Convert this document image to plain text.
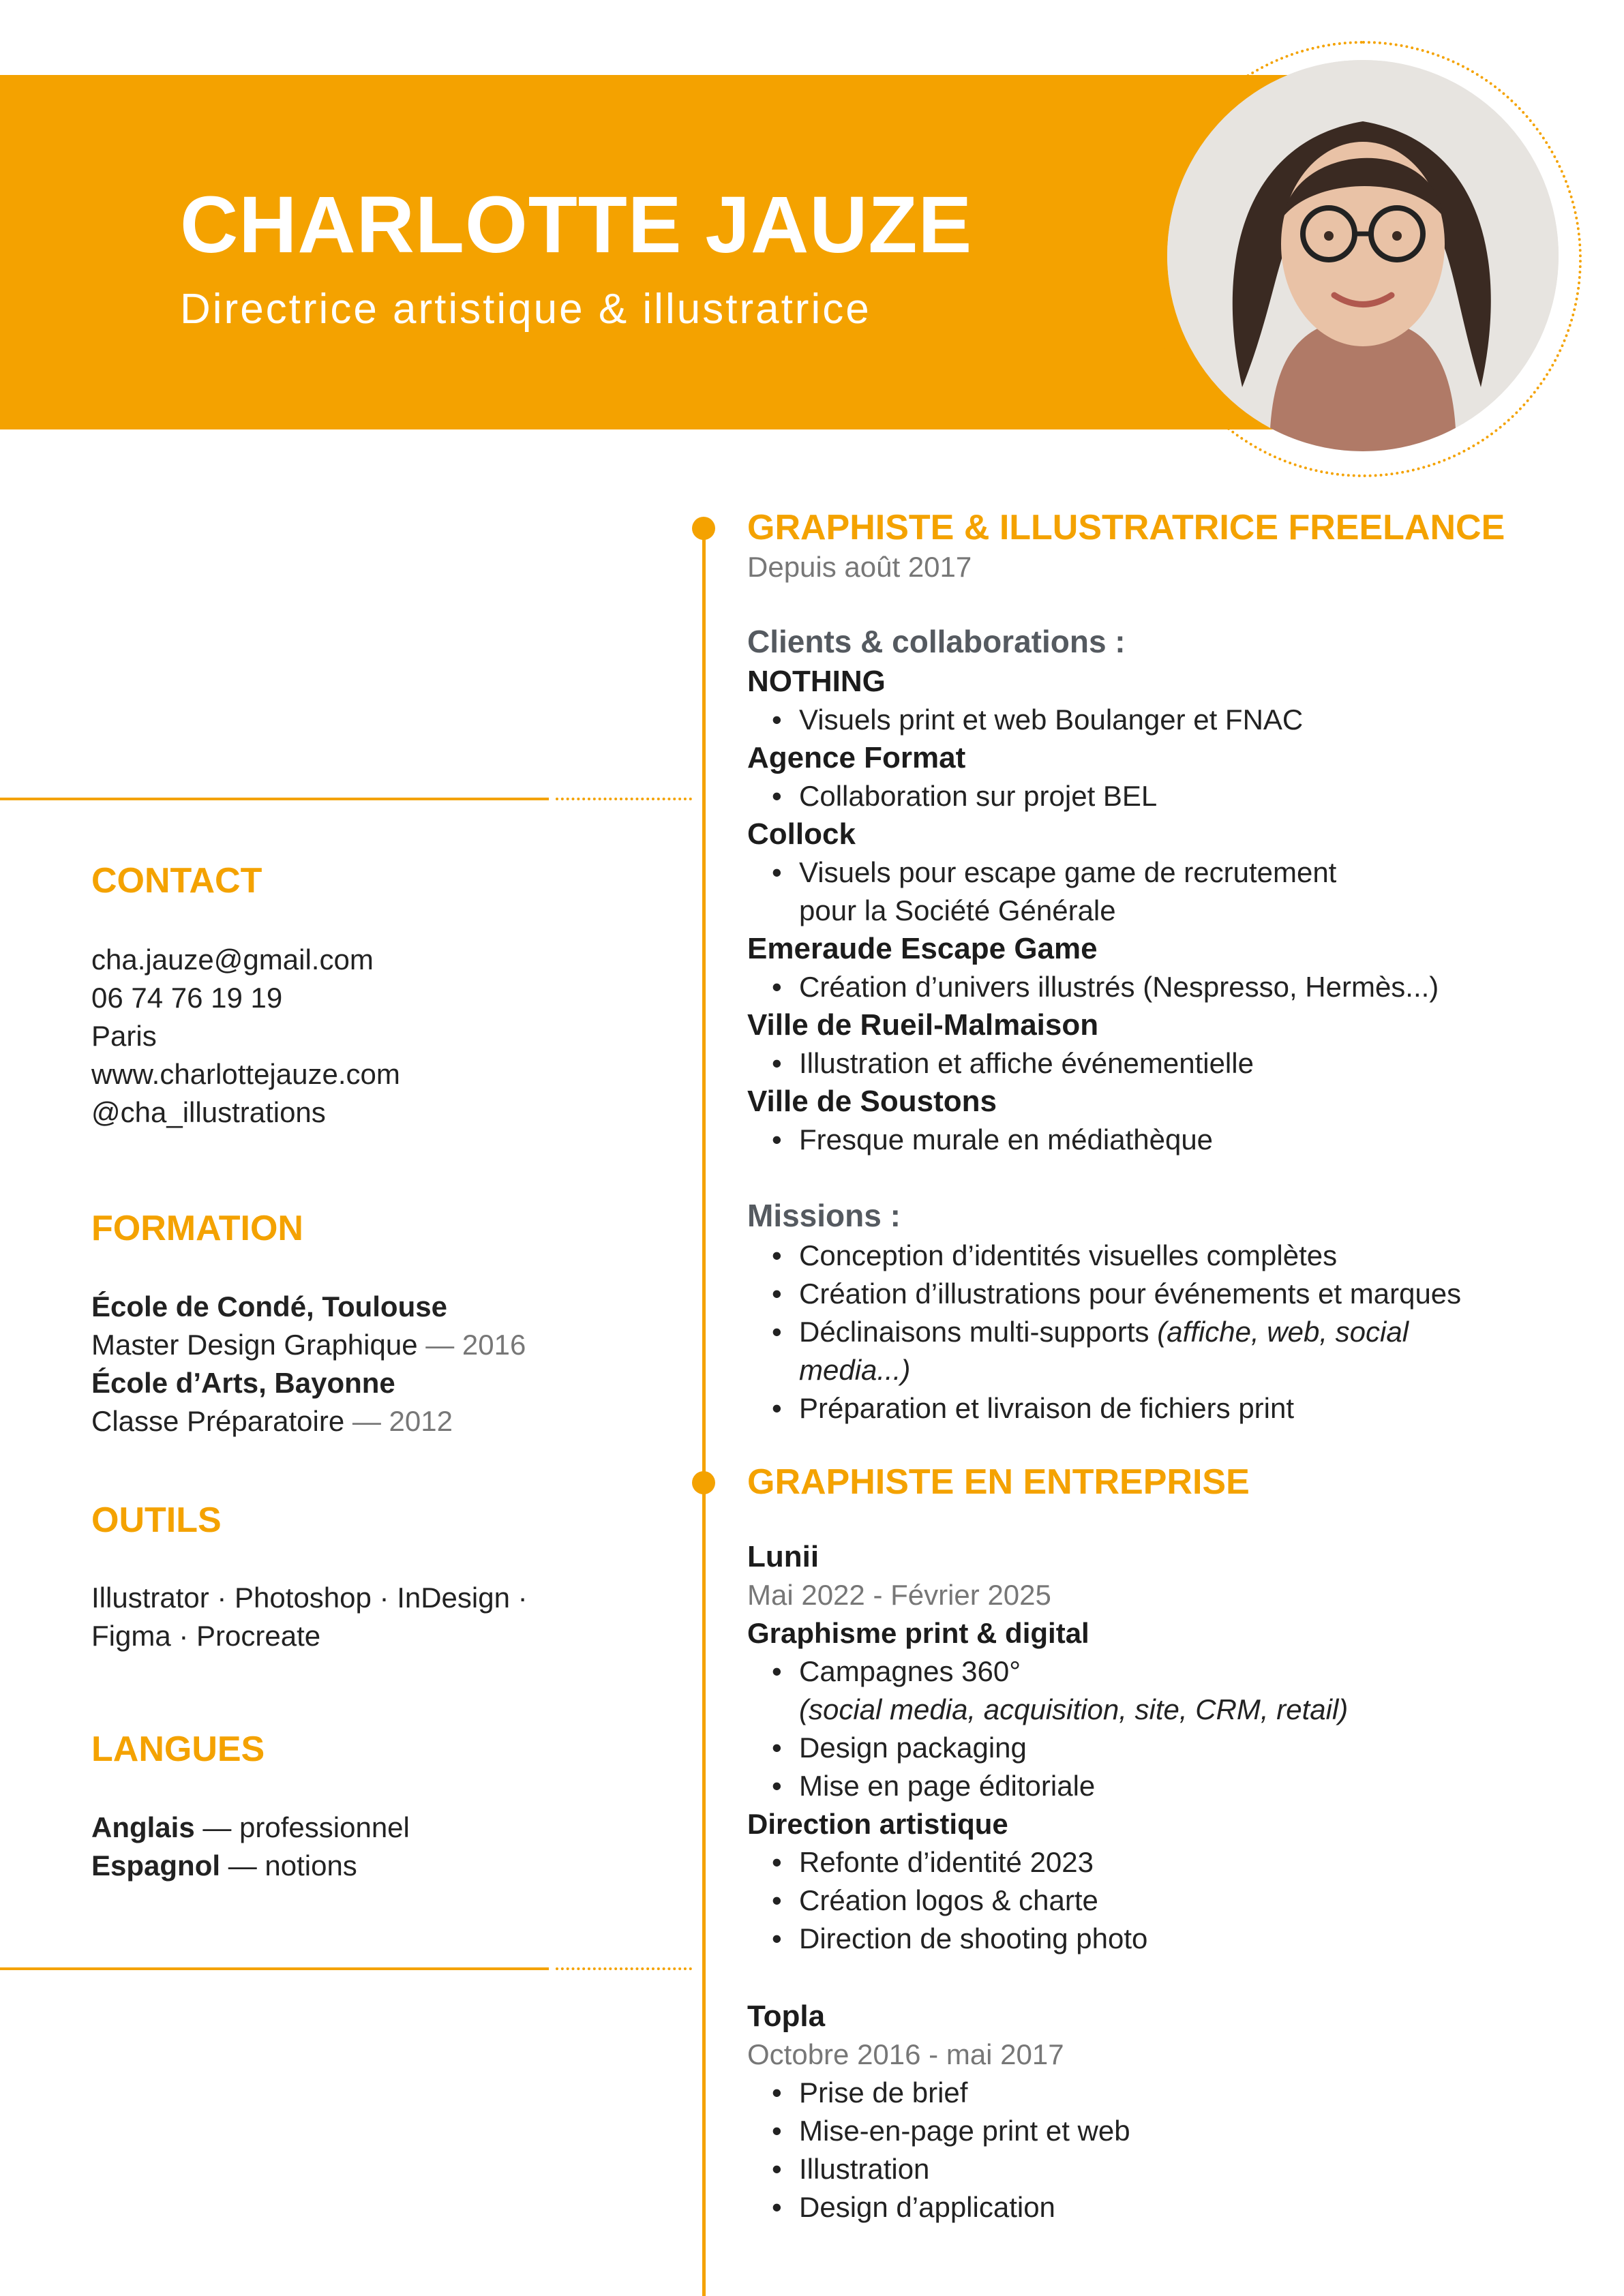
CHARLOTTE JAUZE
Directrice artistique & illustratrice
CONTACT
cha.jauze@gmail.com
06 74 76 19 19
Paris
www.charlottejauze.com
@cha_illustrations
FORMATION
École de Condé, Toulouse
Master Design Graphique — 2016
École d’Arts, Bayonne
Classe Préparatoire — 2012
OUTILS
Illustrator · Photoshop · InDesign ·
Figma · Procreate
LANGUES
Anglais — professionnel
Espagnol — notions
GRAPHISTE & ILLUSTRATRICE FREELANCE
Depuis août 2017
Clients & collaborations :
NOTHING
• Visuels print et web Boulanger et FNAC
Agence Format
• Collaboration sur projet BEL
Collock
• Visuels pour escape game de recrutement
pour la Société Générale
Emeraude Escape Game
• Création d’univers illustrés (Nespresso, Hermès...)
Ville de Rueil-Malmaison
• Illustration et affiche événementielle
Ville de Soustons
• Fresque murale en médiathèque
Missions :
• Conception d’identités visuelles complètes
• Création d’illustrations pour événements et marques
• Déclinaisons multi-supports (affiche, web, social
media...)
• Préparation et livraison de fichiers print
GRAPHISTE EN ENTREPRISE
Lunii
Mai 2022 - Février 2025
Graphisme print & digital
• Campagnes 360°
(social media, acquisition, site, CRM, retail)
• Design packaging
• Mise en page éditoriale
Direction artistique
• Refonte d’identité 2023
• Création logos & charte
• Direction de shooting photo
Topla
Octobre 2016 - mai 2017
• Prise de brief
• Mise-en-page print et web
• Illustration
• Design d’application
